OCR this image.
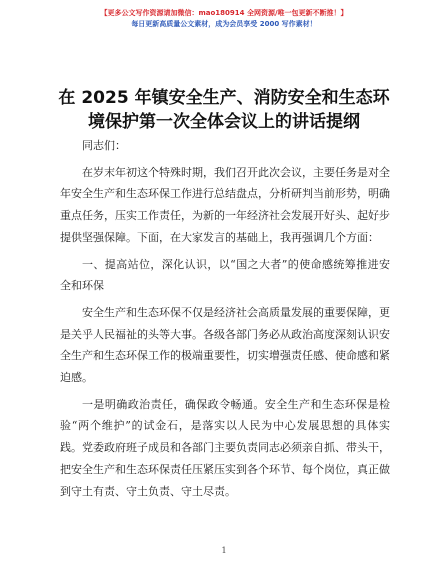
【更多公文写作资源请加微信：mao180914 全网资源/唯一包更新不断推！】
每日更新高质量公文素材，成为会员享受 2000 写作素材！
在 2025 年镇安全生产、消防安全和生态环境保护第一次全体会议上的讲话提纲

同志们：

在岁末年初这个特殊时期，我们召开此次会议，主要任务是对全年安全生产和生态环保工作进行总结盘点，分析研判当前形势，明确重点任务，压实工作责任，为新的一年经济社会发展开好头、起好步提供坚强保障。下面，在大家发言的基础上，我再强调几个方面：

一、提高站位，深化认识，以“国之大者”的使命感统筹推进安全和环保

安全生产和生态环保不仅是经济社会高质量发展的重要保障，更是关乎人民福祉的头等大事。各级各部门务必从政治高度深刻认识安全生产和生态环保工作的极端重要性，切实增强责任感、使命感和紧迫感。

一是明确政治责任，确保政令畅通。安全生产和生态环保是检验“两个维护”的试金石，是落实以人民为中心发展思想的具体实践。党委政府班子成员和各部门主要负责同志必须亲自抓、带头干，把安全生产和生态环保责任压紧压实到各个环节、每个岗位，真正做到守土有责、守土负责、守土尽责。

1
